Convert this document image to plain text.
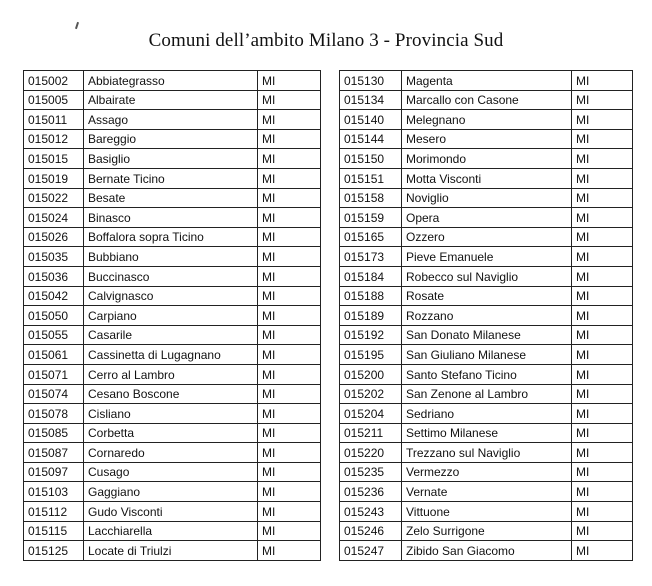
Comuni dell’ambito Milano 3 - Provincia Sud
015002	Abbiategrasso	MI
015005	Albairate	MI
015011	Assago	MI
015012	Bareggio	MI
015015	Basiglio	MI
015019	Bernate Ticino	MI
015022	Besate	MI
015024	Binasco	MI
015026	Boffalora sopra Ticino	MI
015035	Bubbiano	MI
015036	Buccinasco	MI
015042	Calvignasco	MI
015050	Carpiano	MI
015055	Casarile	MI
015061	Cassinetta di Lugagnano	MI
015071	Cerro al Lambro	MI
015074	Cesano Boscone	MI
015078	Cisliano	MI
015085	Corbetta	MI
015087	Cornaredo	MI
015097	Cusago	MI
015103	Gaggiano	MI
015112	Gudo Visconti	MI
015115	Lacchiarella	MI
015125	Locate di Triulzi	MI
015130	Magenta	MI
015134	Marcallo con Casone	MI
015140	Melegnano	MI
015144	Mesero	MI
015150	Morimondo	MI
015151	Motta Visconti	MI
015158	Noviglio	MI
015159	Opera	MI
015165	Ozzero	MI
015173	Pieve Emanuele	MI
015184	Robecco sul Naviglio	MI
015188	Rosate	MI
015189	Rozzano	MI
015192	San Donato Milanese	MI
015195	San Giuliano Milanese	MI
015200	Santo Stefano Ticino	MI
015202	San Zenone al Lambro	MI
015204	Sedriano	MI
015211	Settimo Milanese	MI
015220	Trezzano sul Naviglio	MI
015235	Vermezzo	MI
015236	Vernate	MI
015243	Vittuone	MI
015246	Zelo Surrigone	MI
015247	Zibido San Giacomo	MI
